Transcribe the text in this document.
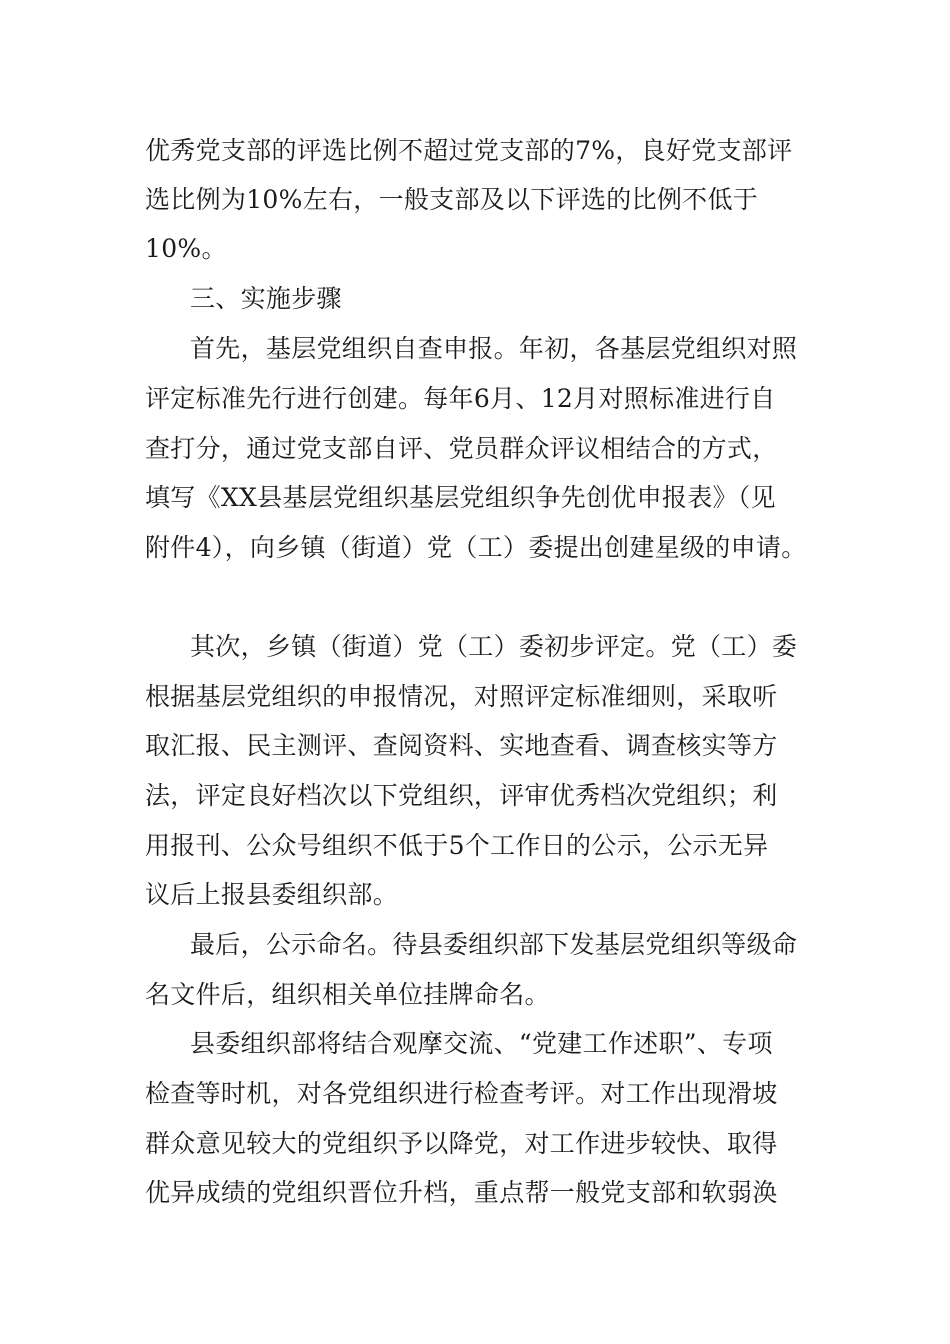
优秀党支部的评选比例不超过党支部的7%，良好党支部评
选比例为10%左右，一般支部及以下评选的比例不低于
10%。
三、实施步骤
首先，基层党组织自查申报。年初，各基层党组织对照
评定标准先行进行创建。每年6月、12月对照标准进行自
查打分，通过党支部自评、党员群众评议相结合的方式，
填写《XX县基层党组织基层党组织争先创优申报表》（见
附件4），向乡镇（街道）党（工）委提出创建星级的申请。
其次，乡镇（街道）党（工）委初步评定。党（工）委
根据基层党组织的申报情况，对照评定标准细则，采取听
取汇报、民主测评、查阅资料、实地查看、调查核实等方
法，评定良好档次以下党组织，评审优秀档次党组织；利
用报刊、公众号组织不低于5个工作日的公示，公示无异
议后上报县委组织部。
最后，公示命名。待县委组织部下发基层党组织等级命
名文件后，组织相关单位挂牌命名。
县委组织部将结合观摩交流、“党建工作述职”、专项
检查等时机，对各党组织进行检查考评。对工作出现滑坡
群众意见较大的党组织予以降党，对工作进步较快、取得
优异成绩的党组织晋位升档，重点帮一般党支部和软弱涣
